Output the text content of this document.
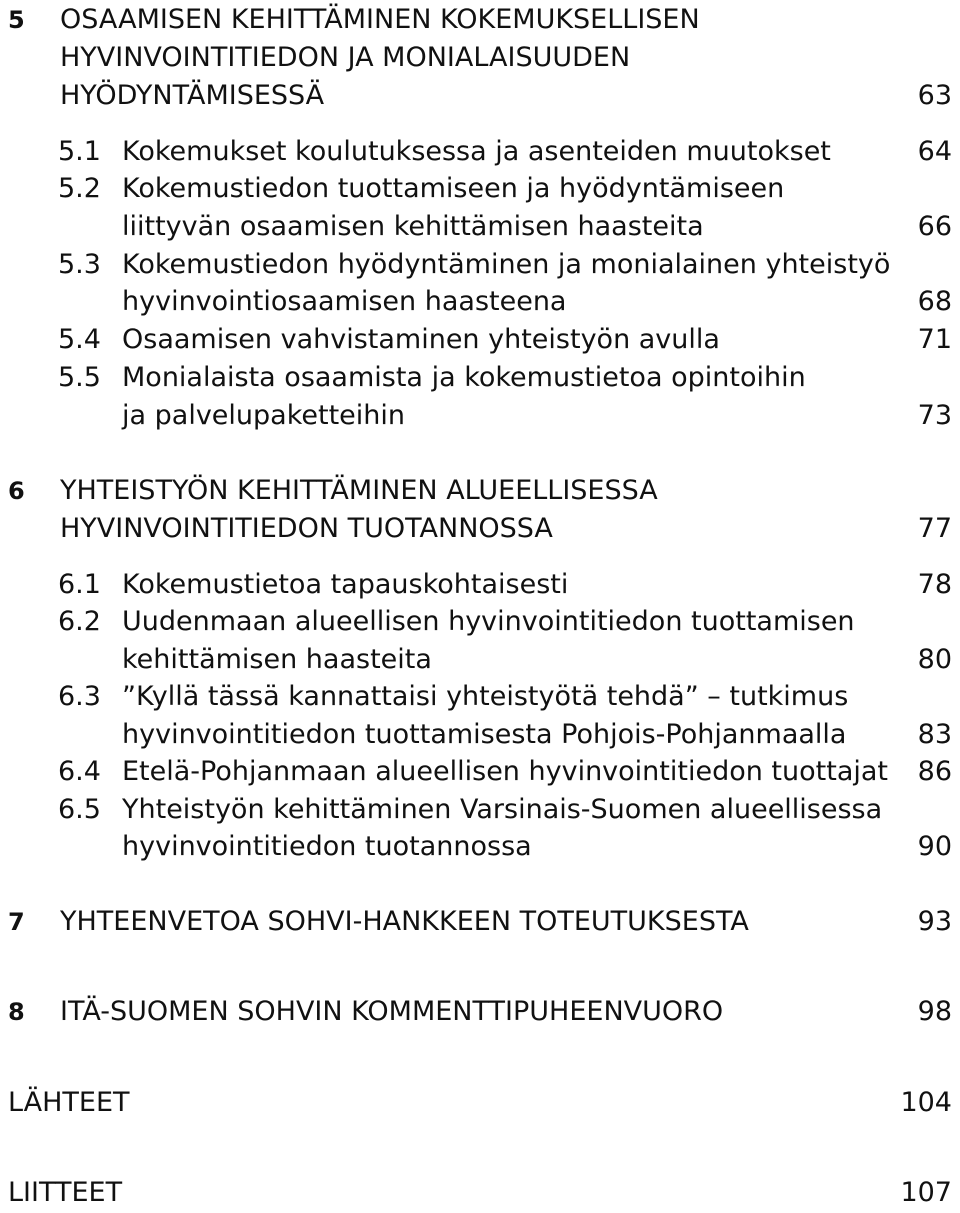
5 OSAAMISEN KEHITTÄMINEN KOKEMUKSELLISEN
HYVINVOINTITIEDON JA MONIALAISUUDEN
HYÖDYNTÄMISESSÄ	63
5.1 Kokemukset koulutuksessa ja asenteiden muutokset	64
5.2 Kokemustiedon tuottamiseen ja hyödyntämiseen
liittyvän osaamisen kehittämisen haasteita	66
5.3 Kokemustiedon hyödyntäminen ja monialainen yhteistyö
hyvinvointiosaamisen haasteena	68
5.4 Osaamisen vahvistaminen yhteistyön avulla	71
5.5 Monialaista osaamista ja kokemustietoa opintoihin
ja palvelupaketteihin	73
6 YHTEISTYÖN KEHITTÄMINEN ALUEELLISESSA
HYVINVOINTITIEDON TUOTANNOSSA	77
6.1 Kokemustietoa tapauskohtaisesti	78
6.2 Uudenmaan alueellisen hyvinvointitiedon tuottamisen
kehittämisen haasteita	80
6.3 ”Kyllä tässä kannattaisi yhteistyötä tehdä” – tutkimus
hyvinvointitiedon tuottamisesta Pohjois-Pohjanmaalla	83
6.4 Etelä-Pohjanmaan alueellisen hyvinvointitiedon tuottajat 86
6.5 Yhteistyön kehittäminen Varsinais-Suomen alueellisessa
hyvinvointitiedon tuotannossa	90
7 YHTEENVETOA SOHVI-HANKKEEN TOTEUTUKSESTA	93
8 ITÄ-SUOMEN SOHVIN KOMMENTTIPUHEENVUORO	98
LÄHTEET	104
LIITTEET	107
